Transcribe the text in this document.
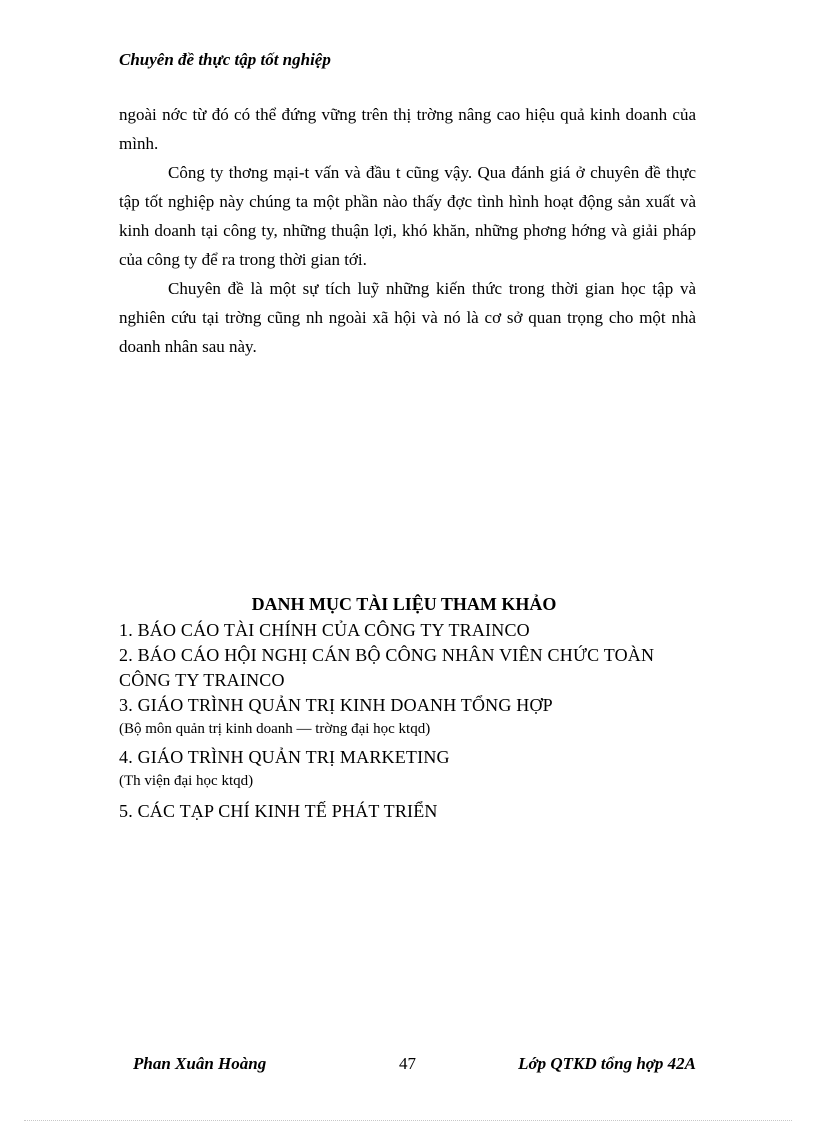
Chuyên đề thực tập tốt nghiệp

ngoài nớc từ đó có thể đứng vững trên thị trờng nâng cao hiệu quả kinh doanh của mình.

Công ty thơng mại-t vấn và đầu t cũng vậy. Qua đánh giá ở chuyên đề thực tập tốt nghiệp này chúng ta một phần nào thấy đợc tình hình hoạt động sản xuất và kinh doanh tại công ty, những thuận lợi, khó khăn, những phơng hớng và giải pháp của công ty để ra trong thời gian tới.

Chuyên đề là một sự tích luỹ những kiến thức trong thời gian học tập và nghiên cứu tại trờng cũng nh ngoài xã hội và nó là cơ sở quan trọng cho một nhà doanh nhân sau này.

DANH MỤC TÀI LIỆU THAM KHẢO
1. BÁO CÁO TÀI CHÍNH CỦA CÔNG TY TRAINCO
2. BÁO CÁO HỘI NGHỊ CÁN BỘ CÔNG NHÂN VIÊN CHỨC TOÀN CÔNG TY TRAINCO
3. GIÁO TRÌNH QUẢN TRỊ KINH DOANH TỔNG HỢP
(Bộ môn quản trị kinh doanh — trờng đại học ktqd)
4. GIÁO TRÌNH QUẢN TRỊ MARKETING
(Th viện đại học ktqd)
5. CÁC TẠP CHÍ KINH TẾ PHÁT TRIỂN
Phan Xuân Hoàng	47	Lớp QTKD tổng hợp 42A
